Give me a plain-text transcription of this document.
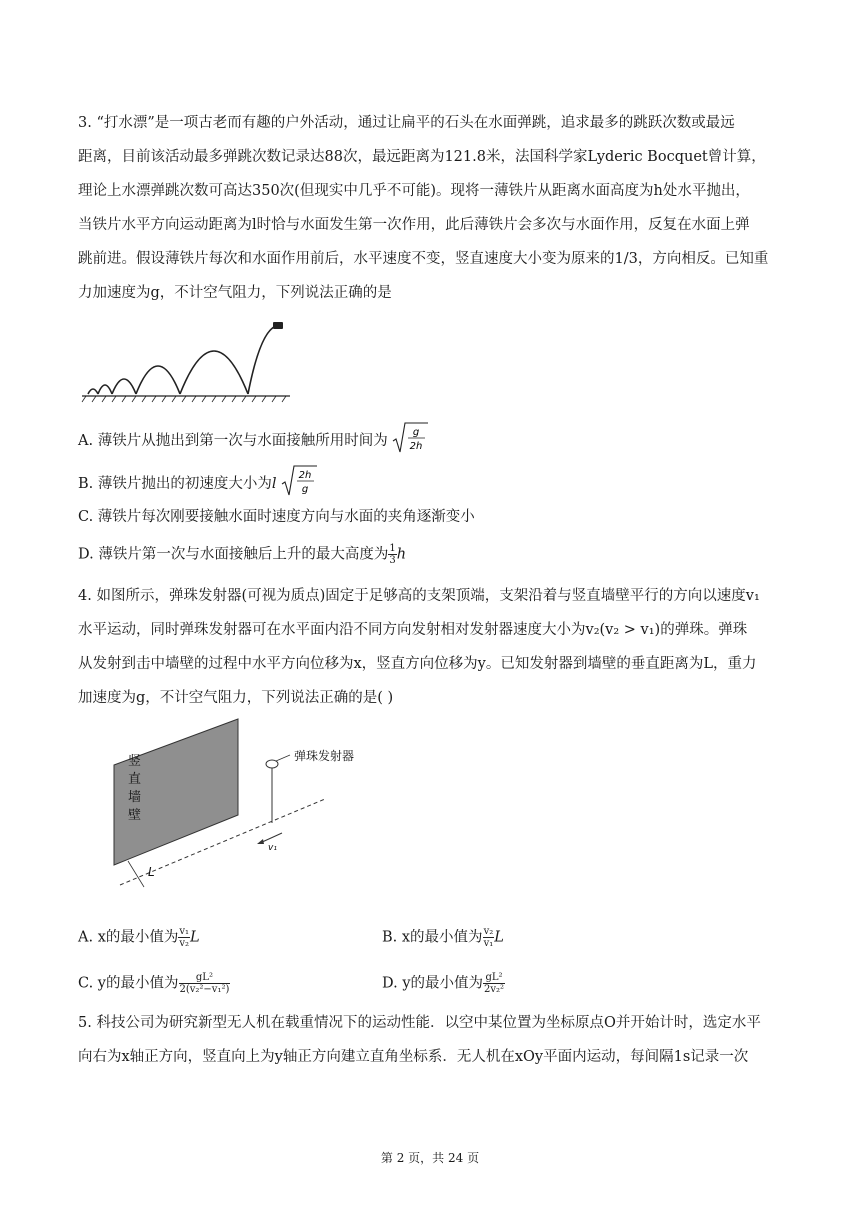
3. “打水漂”是一项古老而有趣的户外活动，通过让扁平的石头在水面弹跳，追求最多的跳跃次数或最远
距离，目前该活动最多弹跳次数记录达88次，最远距离为121.8米，法国科学家Lyderic Bocquet曾计算，
理论上水漂弹跳次数可高达350次(但现实中几乎不可能)。现将一薄铁片从距离水面高度为h处水平抛出，
当铁片水平方向运动距离为l时恰与水面发生第一次作用，此后薄铁片会多次与水面作用，反复在水面上弹
跳前进。假设薄铁片每次和水面作用前后，水平速度不变，竖直速度大小变为原来的1/3，方向相反。已知重
力加速度为g，不计空气阻力，下列说法正确的是
A. 薄铁片从抛出到第一次与水面接触所用时间为
g
2h
B. 薄铁片抛出的初速度大小为l
2h
g
C. 薄铁片每次刚要接触水面时速度方向与水面的夹角逐渐变小
D. 薄铁片第一次与水面接触后上升的最大高度为 $\frac{1}{3}$ h
4. 如图所示，弹珠发射器(可视为质点)固定于足够高的支架顶端，支架沿着与竖直墙壁平行的方向以速度v₁
水平运动，同时弹珠发射器可在水平面内沿不同方向发射相对发射器速度大小为v₂(v₂ > v₁)的弹珠。弹珠
从发射到击中墙壁的过程中水平方向位移为x，竖直方向位移为y。已知发射器到墙壁的垂直距离为L，重力
加速度为g，不计空气阻力，下列说法正确的是( )
竖
直
墙
壁
弹珠发射器
v₁
L
A. x的最小值为 $\frac{\text{v₁}}{\text{v₂}}$ L	B. x的最小值为 $\frac{\text{v₂}}{\text{v₁}}$ L
C. y的最小值为 $\frac{\text{gL²}}{\text{2(v₂²−v₁²)}}$	D. y的最小值为 $\frac{\text{gL²}}{\text{2v₂²}}$
5. 科技公司为研究新型无人机在载重情况下的运动性能．以空中某位置为坐标原点O并开始计时，选定水平
向右为x轴正方向，竖直向上为y轴正方向建立直角坐标系．无人机在xOy平面内运动，每间隔1s记录一次
第 2 页，共 24 页
